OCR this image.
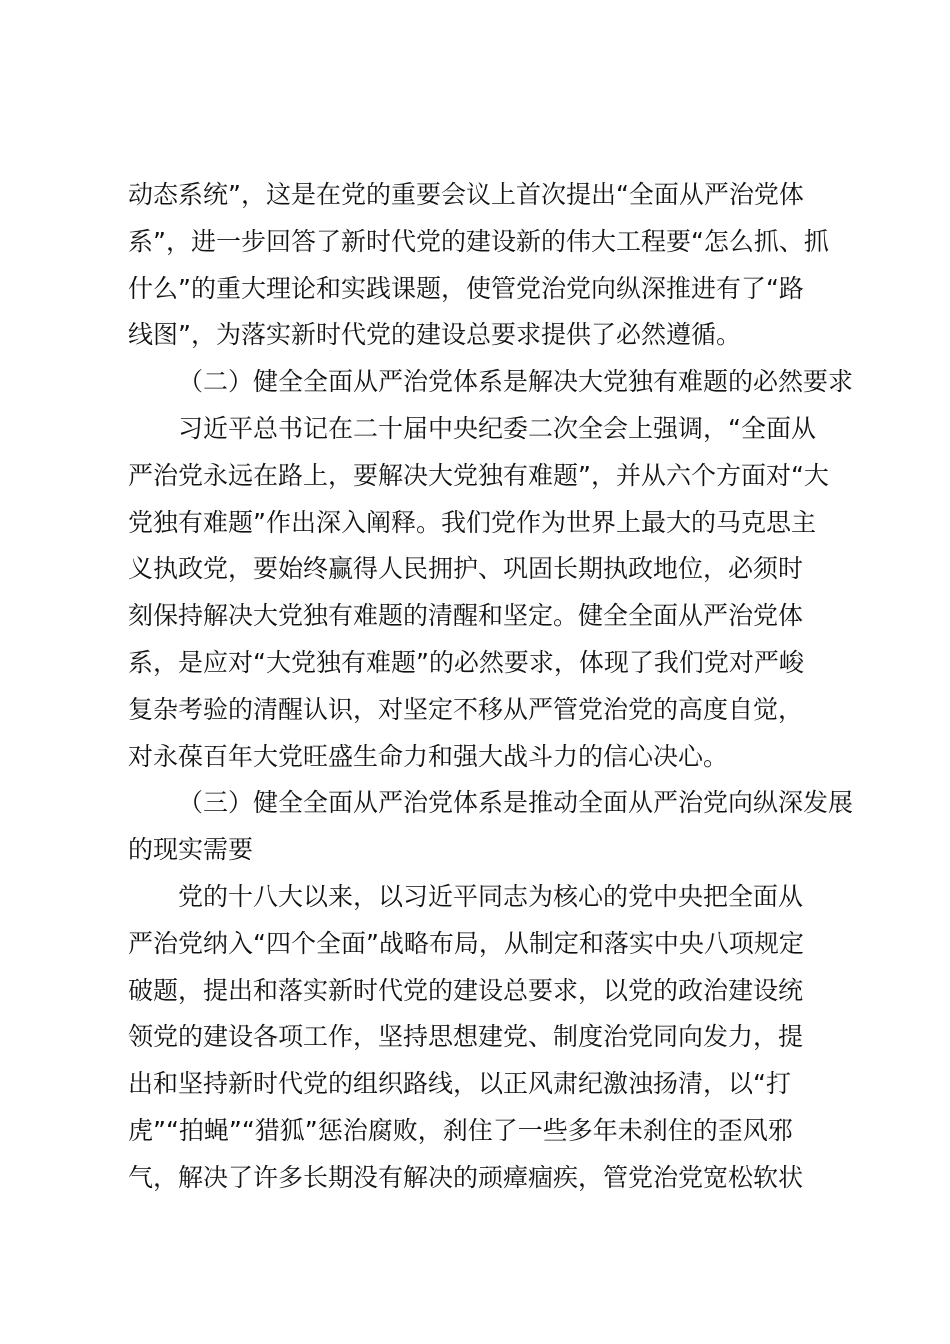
动态系统”，这是在党的重要会议上首次提出“全面从严治党体
系”，进一步回答了新时代党的建设新的伟大工程要“怎么抓、抓
什么”的重大理论和实践课题，使管党治党向纵深推进有了“路
线图”，为落实新时代党的建设总要求提供了必然遵循。
（二）健全全面从严治党体系是解决大党独有难题的必然要求
习近平总书记在二十届中央纪委二次全会上强调，“全面从
严治党永远在路上，要解决大党独有难题”，并从六个方面对“大
党独有难题”作出深入阐释。我们党作为世界上最大的马克思主
义执政党，要始终赢得人民拥护、巩固长期执政地位，必须时
刻保持解决大党独有难题的清醒和坚定。健全全面从严治党体
系，是应对“大党独有难题”的必然要求，体现了我们党对严峻
复杂考验的清醒认识，对坚定不移从严管党治党的高度自觉，
对永葆百年大党旺盛生命力和强大战斗力的信心决心。
（三）健全全面从严治党体系是推动全面从严治党向纵深发展
的现实需要
党的十八大以来，以习近平同志为核心的党中央把全面从
严治党纳入“四个全面”战略布局，从制定和落实中央八项规定
破题，提出和落实新时代党的建设总要求，以党的政治建设统
领党的建设各项工作，坚持思想建党、制度治党同向发力，提
出和坚持新时代党的组织路线，以正风肃纪激浊扬清，以“打
虎”“拍蝇”“猎狐”惩治腐败，刹住了一些多年未刹住的歪风邪
气，解决了许多长期没有解决的顽瘴痼疾，管党治党宽松软状
